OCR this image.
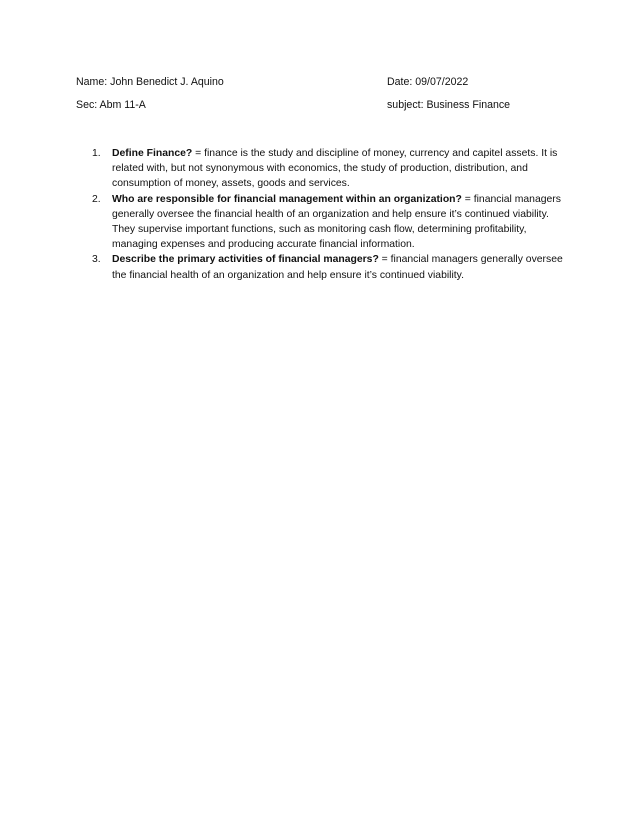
Name: John Benedict J. Aquino	Date: 09/07/2022
Sec: Abm 11-A	subject: Business Finance
1. Define Finance? = finance is the study and discipline of money, currency and capitel assets. It is related with, but not synonymous with economics, the study of production, distribution, and consumption of money, assets, goods and services.
2. Who are responsible for financial management within an organization? = financial managers generally oversee the financial health of an organization and help ensure it’s continued viability. They supervise important functions, such as monitoring cash flow, determining profitability, managing expenses and producing accurate financial information.
3. Describe the primary activities of financial managers? = financial managers generally oversee the financial health of an organization and help ensure it’s continued viability.
